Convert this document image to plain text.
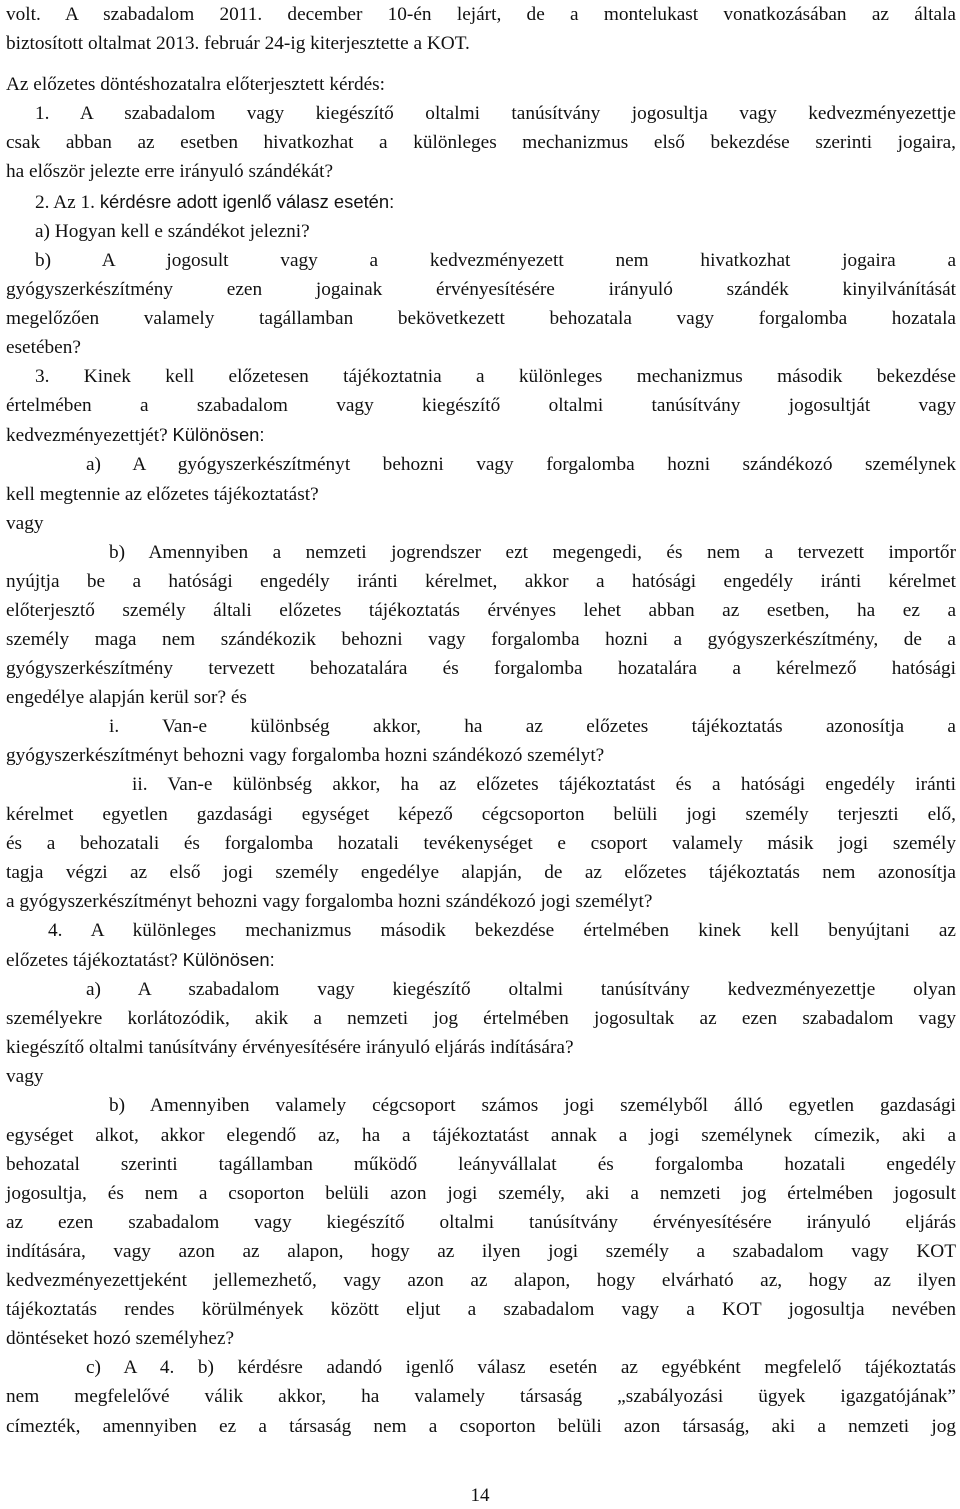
volt. A szabadalom 2011. december 10-én lejárt, de a montelukast vonatkozásában az általa
biztosított oltalmat 2013. február 24-ig kiterjesztette a KOT.
Az előzetes döntéshozatalra előterjesztett kérdés:
1. A szabadalom vagy kiegészítő oltalmi tanúsítvány jogosultja vagy kedvezményezettje
csak abban az esetben hivatkozhat a különleges mechanizmus első bekezdése szerinti jogaira,
ha először jelezte erre irányuló szándékát?
2. Az 1. kérdésre adott igenlő válasz esetén:
a) Hogyan kell e szándékot jelezni?
b) A jogosult vagy a kedvezményezett nem hivatkozhat jogaira a
gyógyszerkészítmény ezen jogainak érvényesítésére irányuló szándék kinyilvánítását
megelőzően valamely tagállamban bekövetkezett behozatala vagy forgalomba hozatala
esetében?
3. Kinek kell előzetesen tájékoztatnia a különleges mechanizmus második bekezdése
értelmében a szabadalom vagy kiegészítő oltalmi tanúsítvány jogosultját vagy
kedvezményezettjét? Különösen:
a) A gyógyszerkészítményt behozni vagy forgalomba hozni szándékozó személynek
kell megtennie az előzetes tájékoztatást?
vagy
b) Amennyiben a nemzeti jogrendszer ezt megengedi, és nem a tervezett importőr
nyújtja be a hatósági engedély iránti kérelmet, akkor a hatósági engedély iránti kérelmet
előterjesztő személy általi előzetes tájékoztatás érvényes lehet abban az esetben, ha ez a
személy maga nem szándékozik behozni vagy forgalomba hozni a gyógyszerkészítmény, de a
gyógyszerkészítmény tervezett behozatalára és forgalomba hozatalára a kérelmező hatósági
engedélye alapján kerül sor? és
i. Van-e különbség akkor, ha az előzetes tájékoztatás azonosítja a
gyógyszerkészítményt behozni vagy forgalomba hozni szándékozó személyt?
ii. Van-e különbség akkor, ha az előzetes tájékoztatást és a hatósági engedély iránti
kérelmet egyetlen gazdasági egységet képező cégcsoporton belüli jogi személy terjeszti elő,
és a behozatali és forgalomba hozatali tevékenységet e csoport valamely másik jogi személy
tagja végzi az első jogi személy engedélye alapján, de az előzetes tájékoztatás nem azonosítja
a gyógyszerkészítményt behozni vagy forgalomba hozni szándékozó jogi személyt?
4. A különleges mechanizmus második bekezdése értelmében kinek kell benyújtani az
előzetes tájékoztatást? Különösen:
a) A szabadalom vagy kiegészítő oltalmi tanúsítvány kedvezményezettje olyan
személyekre korlátozódik, akik a nemzeti jog értelmében jogosultak az ezen szabadalom vagy
kiegészítő oltalmi tanúsítvány érvényesítésére irányuló eljárás indítására?
vagy
b) Amennyiben valamely cégcsoport számos jogi személyből álló egyetlen gazdasági
egységet alkot, akkor elegendő az, ha a tájékoztatást annak a jogi személynek címezik, aki a
behozatal szerinti tagállamban működő leányvállalat és forgalomba hozatali engedély
jogosultja, és nem a csoporton belüli azon jogi személy, aki a nemzeti jog értelmében jogosult
az ezen szabadalom vagy kiegészítő oltalmi tanúsítvány érvényesítésére irányuló eljárás
indítására, vagy azon az alapon, hogy az ilyen jogi személy a szabadalom vagy KOT
kedvezményezettjeként jellemezhető, vagy azon az alapon, hogy elvárható az, hogy az ilyen
tájékoztatás rendes körülmények között eljut a szabadalom vagy a KOT jogosultja nevében
döntéseket hozó személyhez?
c) A 4. b) kérdésre adandó igenlő válasz esetén az egyébként megfelelő tájékoztatás
nem megfelelővé válik akkor, ha valamely társaság „szabályozási ügyek igazgatójának”
címezték, amennyiben ez a társaság nem a csoporton belüli azon társaság, aki a nemzeti jog
14
